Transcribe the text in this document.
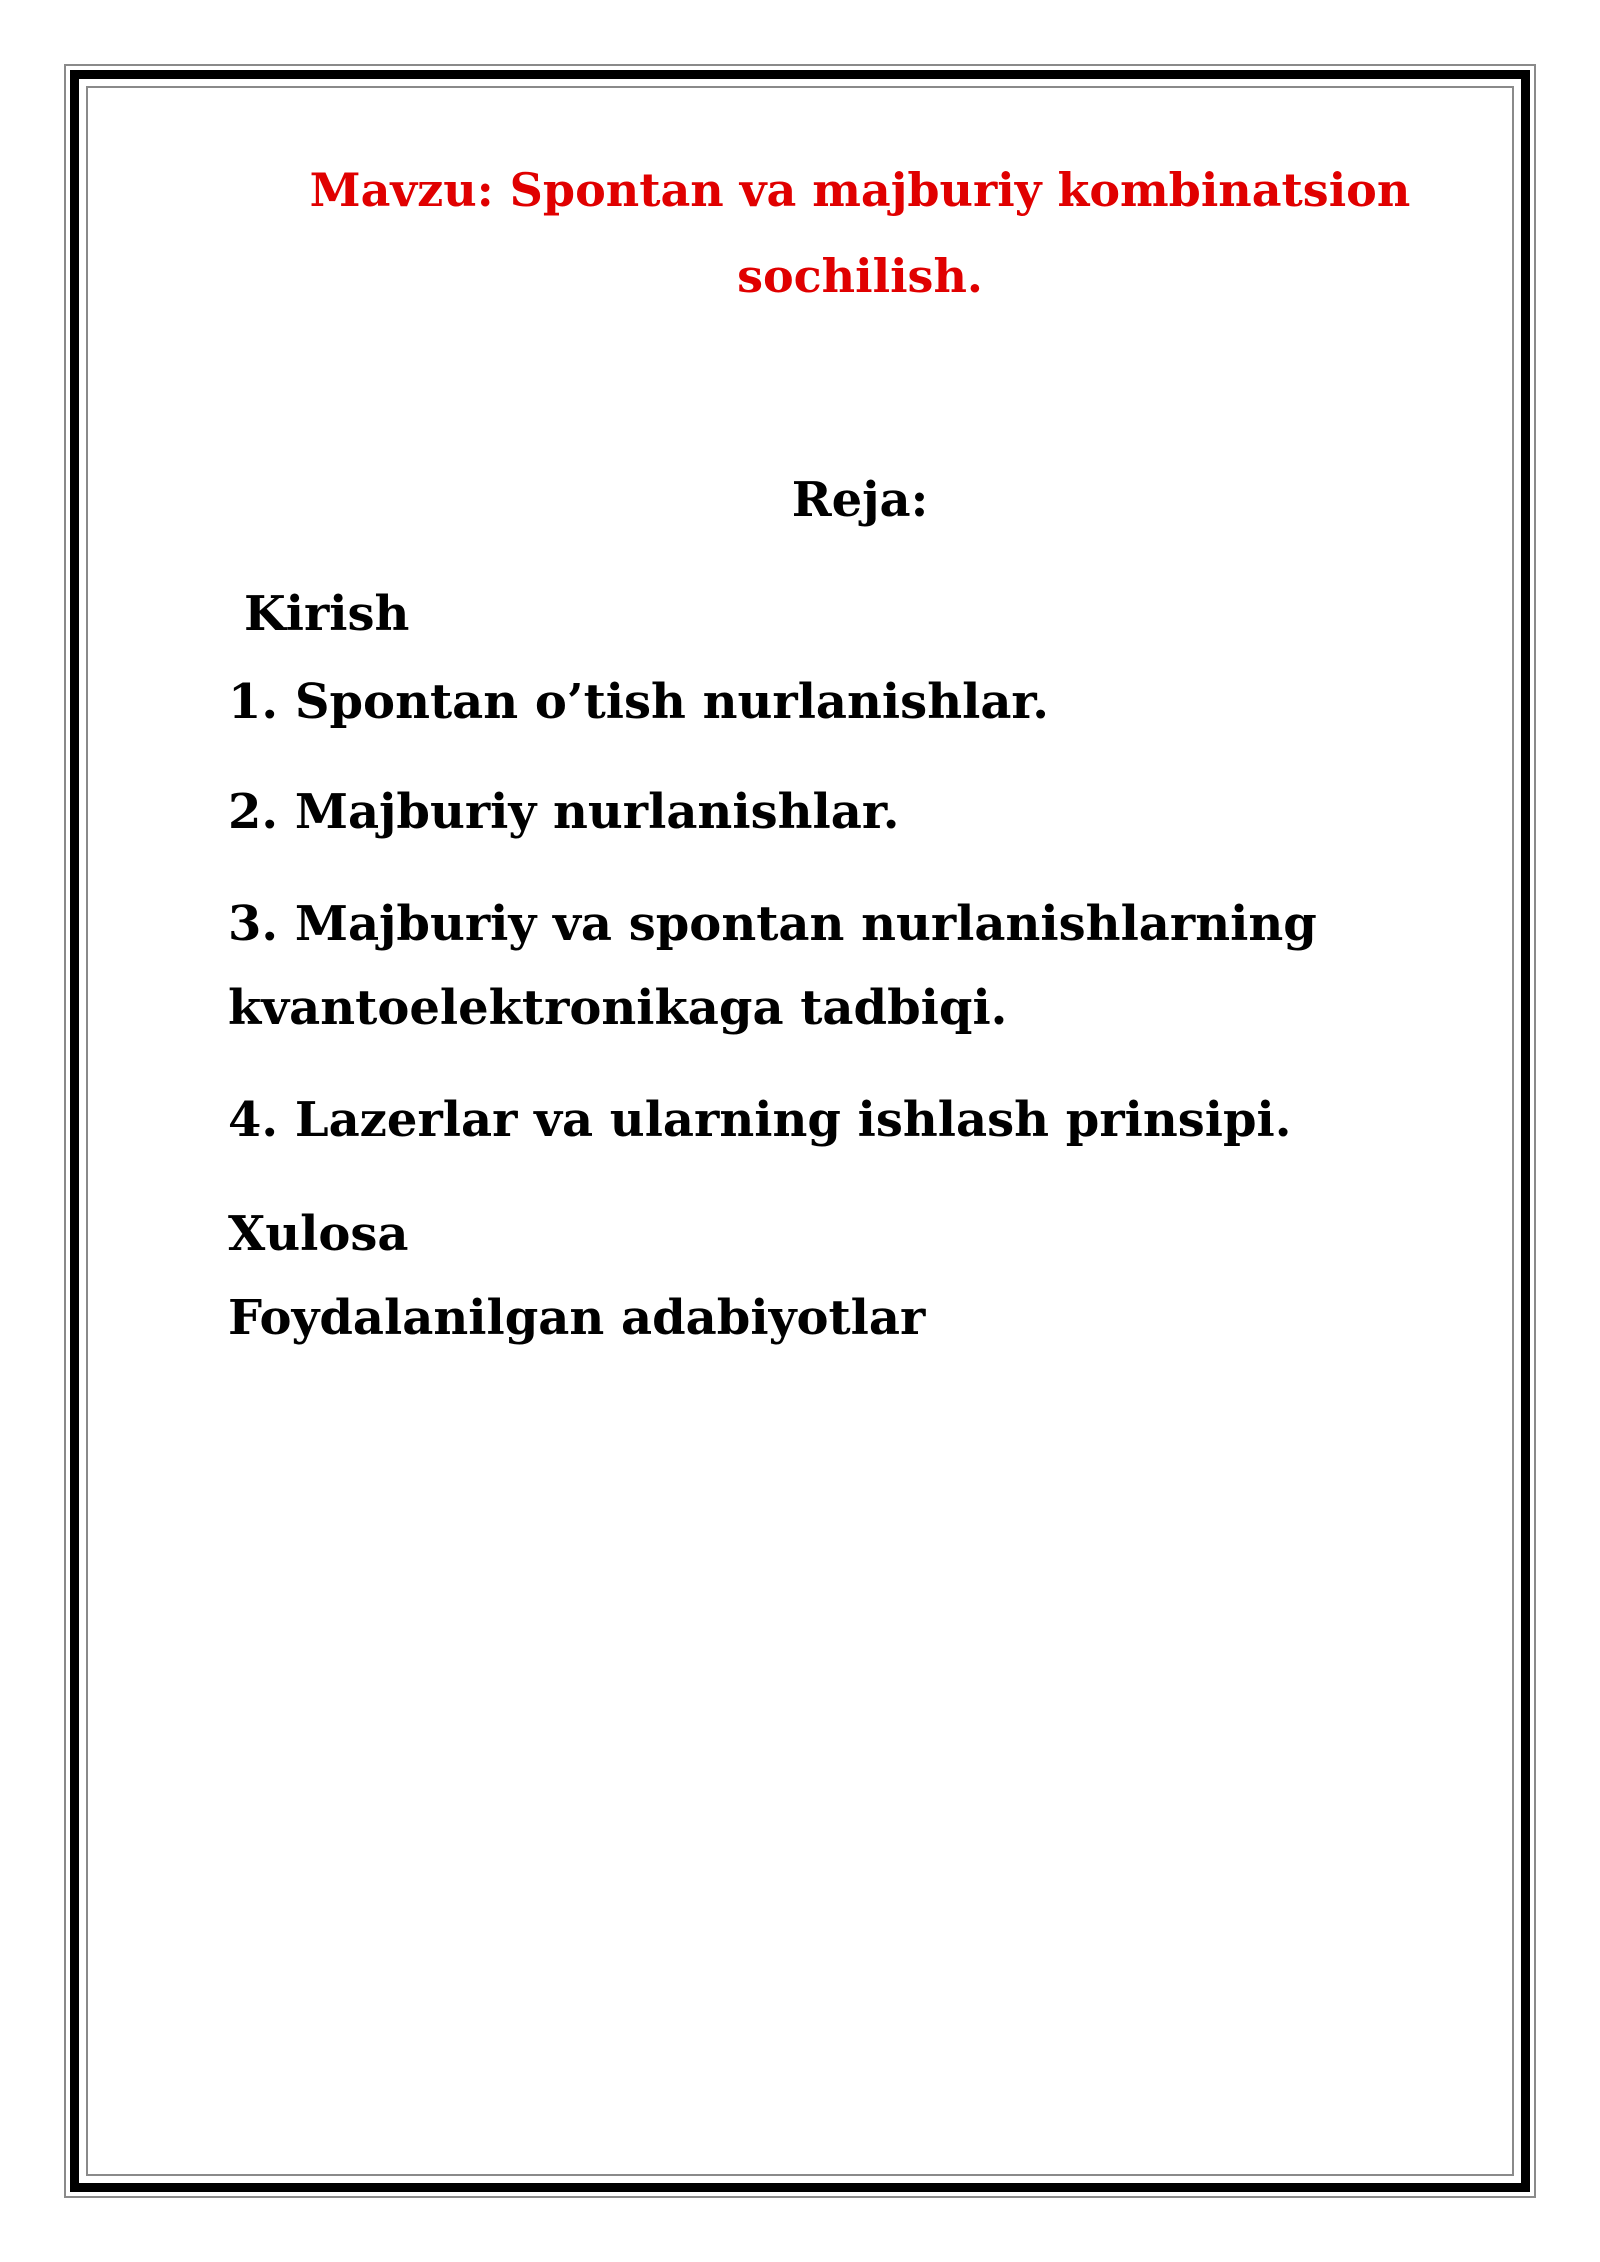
Mavzu: Spontan va majburiy kombinatsion
sochilish.
Reja:
Kirish
1. Spontan o’tish nurlanishlar.
2. Majburiy nurlanishlar.
3. Majburiy va spontan nurlanishlarning
kvantoelektronikaga tadbiqi.
4. Lazerlar va ularning ishlash prinsipi.
Xulosa
Foydalanilgan adabiyotlar
